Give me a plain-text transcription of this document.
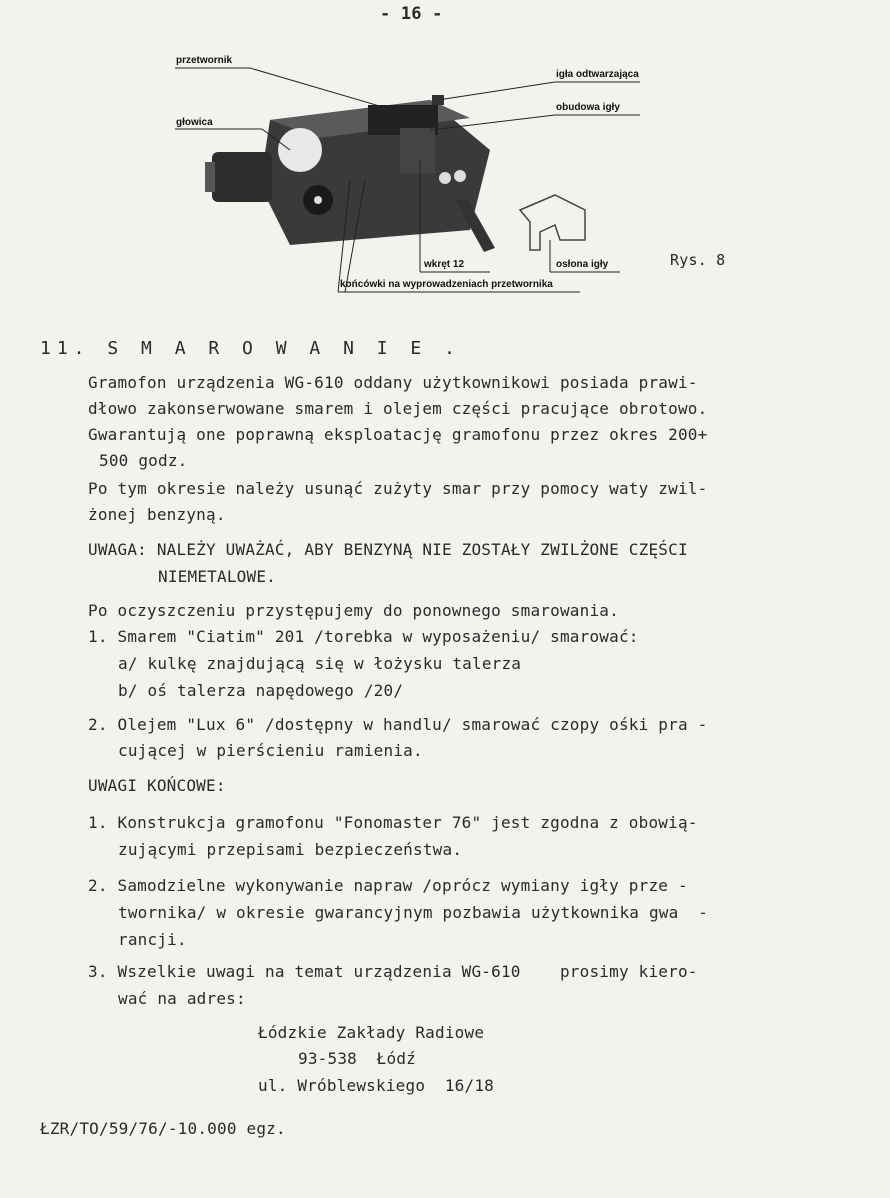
- 16 -
przetwornik
głowica
igła odtwarzająca
obudowa igły
wkręt 12	osłona igły
końcówki na wyprowadzeniach przetwornika
Rys. 8
11. S M A R O W A N I E .
Gramofon urządzenia WG-610 oddany użytkownikowi posiada prawi-
dłowo zakonserwowane smarem i olejem części pracujące obrotowo.
Gwarantują one poprawną eksploatację gramofonu przez okres 200+
500 godz.
Po tym okresie należy usunąć zużyty smar przy pomocy waty zwil-
żonej benzyną.
UWAGA: NALEŻY UWAŻAĆ, ABY BENZYNĄ NIE ZOSTAŁY ZWILŻONE CZĘŚCI
NIEMETALOWE.
Po oczyszczeniu przystępujemy do ponownego smarowania.
1. Smarem "Ciatim" 201 /torebka w wyposażeniu/ smarować:
a/ kulkę znajdującą się w łożysku talerza
b/ oś talerza napędowego /20/
2. Olejem "Lux 6" /dostępny w handlu/ smarować czopy ośki pra -
cującej w pierścieniu ramienia.
UWAGI KOŃCOWE:
1. Konstrukcja gramofonu "Fonomaster 76" jest zgodna z obowią-
zującymi przepisami bezpieczeństwa.
2. Samodzielne wykonywanie napraw /oprócz wymiany igły prze -
twornika/ w okresie gwarancyjnym pozbawia użytkownika gwa  -
rancji.
3. Wszelkie uwagi na temat urządzenia WG-610    prosimy kiero-
wać na adres:
Łódzkie Zakłady Radiowe
93-538  Łódź
ul. Wróblewskiego  16/18
ŁZR/TO/59/76/-10.000 egz.
